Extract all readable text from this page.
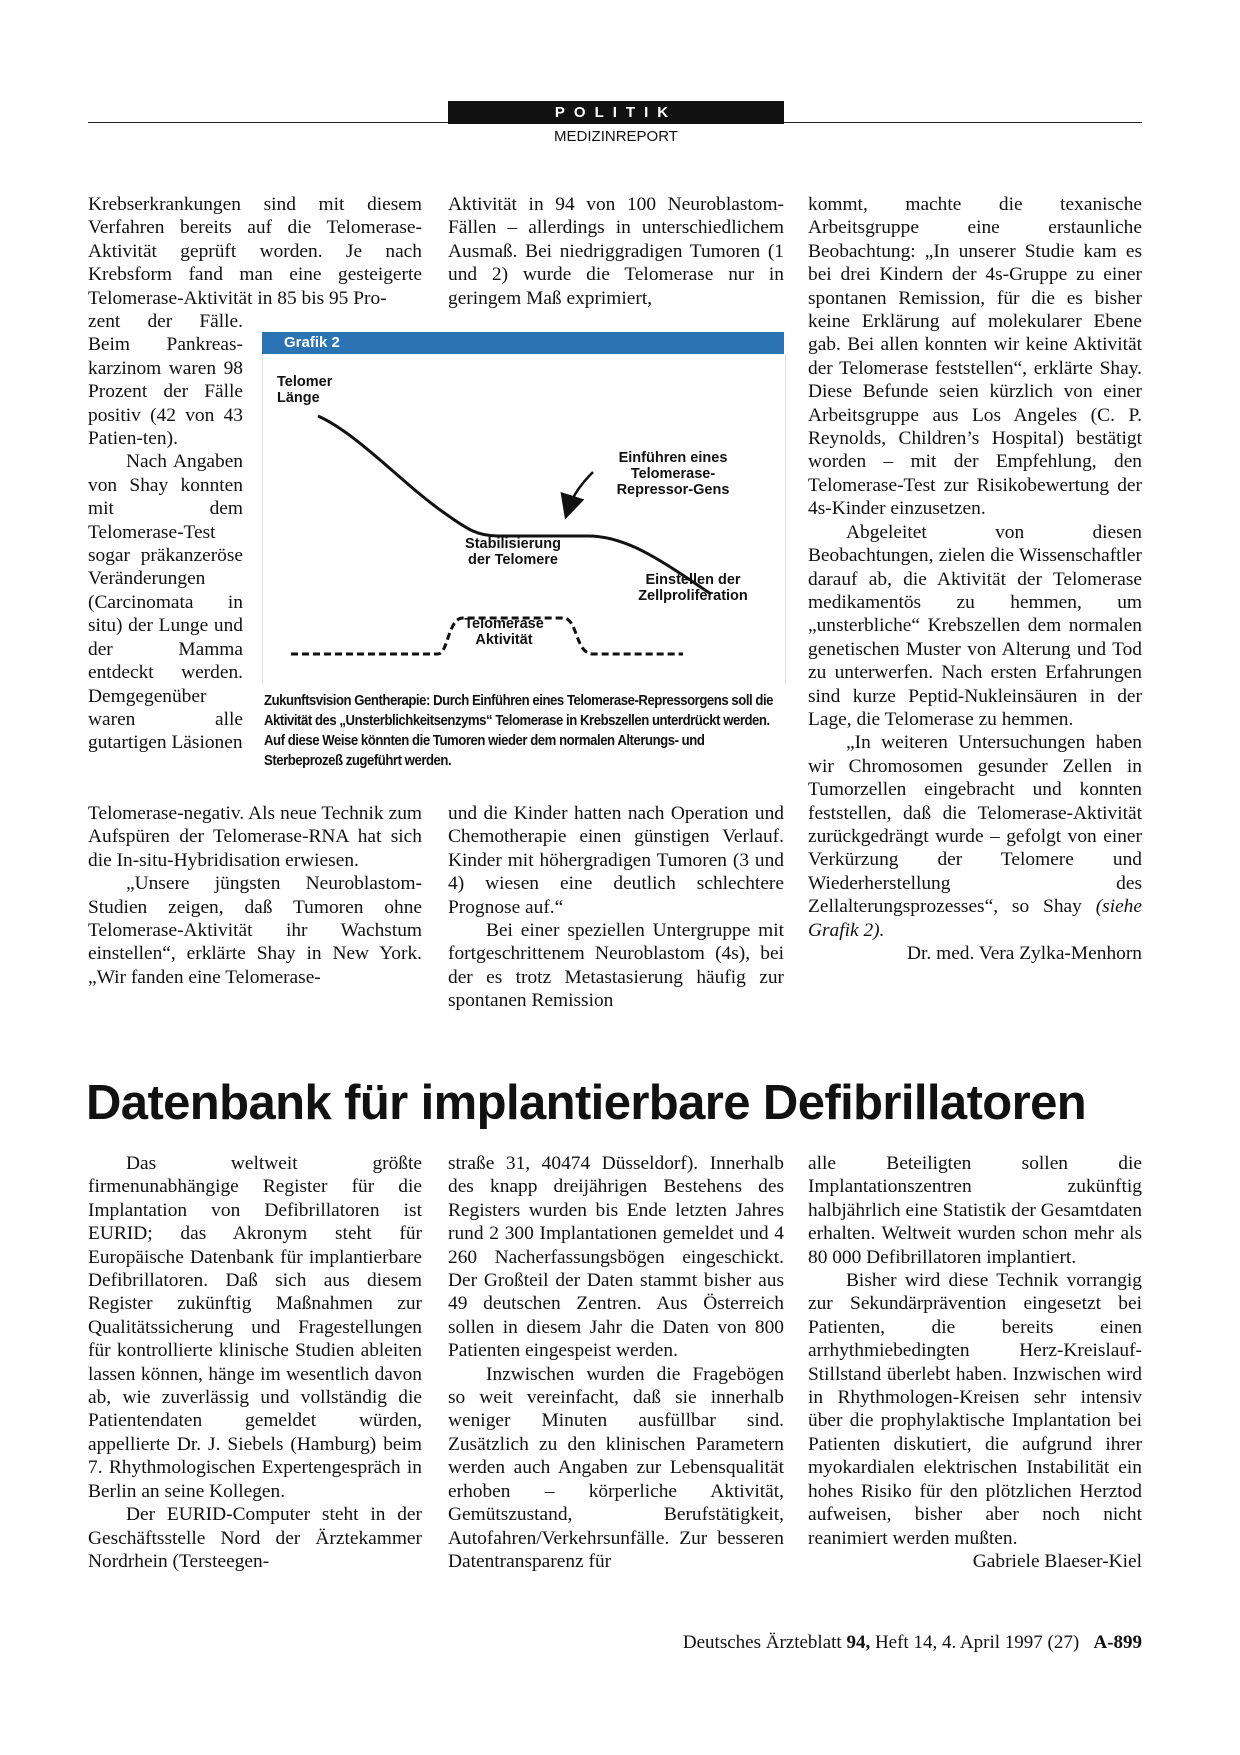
POLITIK
MEDIZINREPORT

Krebserkrankungen sind mit diesem Verfahren bereits auf die Telomerase-Aktivität geprüft worden. Je nach Krebsform fand man eine gesteigerte Telomerase-Aktivität in 85 bis 95 Pro-

zent der Fälle. Beim Pankreas-karzinom waren 98 Prozent der Fälle positiv (42 von 43 Patien-ten).

Nach Angaben von Shay konnten mit dem Telomerase-Test sogar präkanzeröse Veränderungen (Carcinomata in situ) der Lunge und der Mamma entdeckt werden. Demgegenüber waren alle gutartigen Läsionen

Telomerase-negativ. Als neue Technik zum Aufspüren der Telomerase-RNA hat sich die In-situ-Hybridisation erwiesen.

„Unsere jüngsten Neuroblastom-Studien zeigen, daß Tumoren ohne Telomerase-Aktivität ihr Wachstum einstellen“, erklärte Shay in New York. „Wir fanden eine Telomerase-

Aktivität in 94 von 100 Neuroblastom-Fällen – allerdings in unterschiedlichem Ausmaß. Bei niedriggradigen Tumoren (1 und 2) wurde die Telomerase nur in geringem Maß exprimiert,

und die Kinder hatten nach Operation und Chemotherapie einen günstigen Verlauf. Kinder mit höhergradigen Tumoren (3 und 4) wiesen eine deutlich schlechtere Prognose auf.“

Bei einer speziellen Untergruppe mit fortgeschrittenem Neuroblastom (4s), bei der es trotz Metastasierung häufig zur spontanen Remission

kommt, machte die texanische Arbeitsgruppe eine erstaunliche Beobachtung: „In unserer Studie kam es bei drei Kindern der 4s-Gruppe zu einer spontanen Remission, für die es bisher keine Erklärung auf molekularer Ebene gab. Bei allen konnten wir keine Aktivität der Telomerase feststellen“, erklärte Shay. Diese Befunde seien kürzlich von einer Arbeitsgruppe aus Los Angeles (C. P. Reynolds, Children’s Hospital) bestätigt worden – mit der Empfehlung, den Telomerase-Test zur Risikobewertung der 4s-Kinder einzusetzen.

Abgeleitet von diesen Beobachtungen, zielen die Wissenschaftler darauf ab, die Aktivität der Telomerase medikamentös zu hemmen, um „unsterbliche“ Krebszellen dem normalen genetischen Muster von Alterung und Tod zu unterwerfen. Nach ersten Erfahrungen sind kurze Peptid-Nukleinsäuren in der Lage, die Telomerase zu hemmen.

„In weiteren Untersuchungen haben wir Chromosomen gesunder Zellen in Tumorzellen eingebracht und konnten feststellen, daß die Telomerase-Aktivität zurückgedrängt wurde – gefolgt von einer Verkürzung der Telomere und Wiederherstellung des Zellalterungsprozesses“, so Shay (siehe Grafik 2).

Dr. med. Vera Zylka-Menhorn

Grafik 2
Telomer
Länge
Einführen eines
Telomerase-
Repressor-Gens
Stabilisierung
der Telomere
Einstellen der
Zellproliferation
Telomerase
Aktivität
Zukunftsvision Gentherapie: Durch Einführen eines Telomerase-Repressorgens soll die Aktivität des „Unsterblichkeitsenzyms“ Telomerase in Krebszellen unterdrückt werden. Auf diese Weise könnten die Tumoren wieder dem normalen Alterungs- und Sterbeprozeß zugeführt werden.
Datenbank für implantierbare Defibrillatoren

Das weltweit größte firmenunabhängige Register für die Implantation von Defibrillatoren ist EURID; das Akronym steht für Europäische Datenbank für implantierbare Defibrillatoren. Daß sich aus diesem Register zukünftig Maßnahmen zur Qualitätssicherung und Fragestellungen für kontrollierte klinische Studien ableiten lassen können, hänge im wesentlich davon ab, wie zuverlässig und vollständig die Patientendaten gemeldet würden, appellierte Dr. J. Siebels (Hamburg) beim 7. Rhythmologischen Expertengespräch in Berlin an seine Kollegen.

Der EURID-Computer steht in der Geschäftsstelle Nord der Ärztekammer Nordrhein (Tersteegen-

straße 31, 40474 Düsseldorf). Innerhalb des knapp dreijährigen Bestehens des Registers wurden bis Ende letzten Jahres rund 2 300 Implantationen gemeldet und 4 260 Nacherfassungsbögen eingeschickt. Der Großteil der Daten stammt bisher aus 49 deutschen Zentren. Aus Österreich sollen in diesem Jahr die Daten von 800 Patienten eingespeist werden.

Inzwischen wurden die Fragebögen so weit vereinfacht, daß sie innerhalb weniger Minuten ausfüllbar sind. Zusätzlich zu den klinischen Parametern werden auch Angaben zur Lebensqualität erhoben – körperliche Aktivität, Gemütszustand, Berufstätigkeit, Autofahren/Verkehrsunfälle. Zur besseren Datentransparenz für

alle Beteiligten sollen die Implantationszentren zukünftig halbjährlich eine Statistik der Gesamtdaten erhalten. Weltweit wurden schon mehr als 80 000 Defibrillatoren implantiert.

Bisher wird diese Technik vorrangig zur Sekundärprävention eingesetzt bei Patienten, die bereits einen arrhythmiebedingten Herz-Kreislauf-Stillstand überlebt haben. Inzwischen wird in Rhythmologen-Kreisen sehr intensiv über die prophylaktische Implantation bei Patienten diskutiert, die aufgrund ihrer myokardialen elektrischen Instabilität ein hohes Risiko für den plötzlichen Herztod aufweisen, bisher aber noch nicht reanimiert werden mußten.

Gabriele Blaeser-Kiel

Deutsches Ärzteblatt 94, Heft 14, 4. April 1997 (27) A-899
